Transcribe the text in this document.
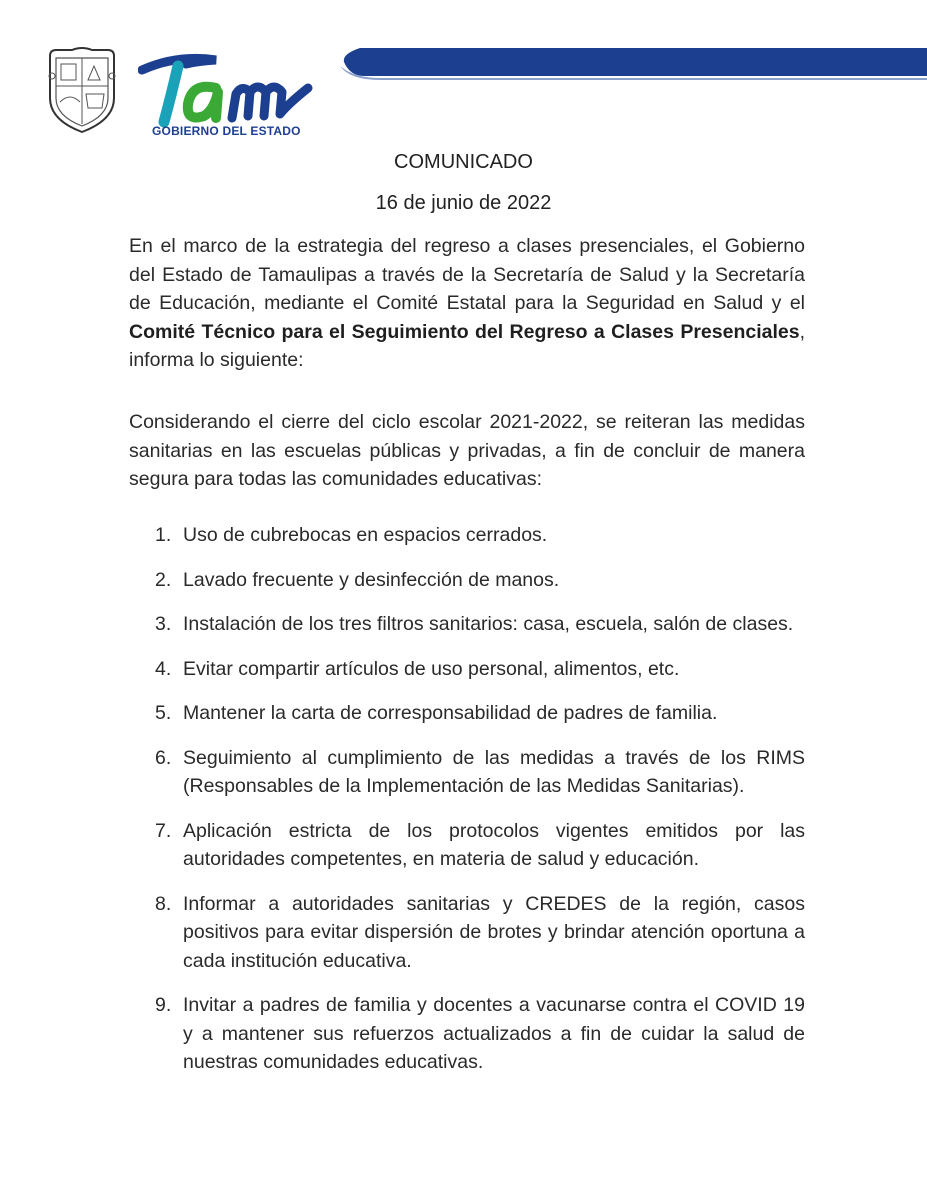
GOBIERNO DEL ESTADO
COMUNICADO
16 de junio de 2022

En el marco de la estrategia del regreso a clases presenciales, el Gobierno del Estado de Tamaulipas a través de la Secretaría de Salud y la Secretaría de Educación, mediante el Comité Estatal para la Seguridad en Salud y el Comité Técnico para el Seguimiento del Regreso a Clases Presenciales, informa lo siguiente:

Considerando el cierre del ciclo escolar 2021-2022, se reiteran las medidas sanitarias en las escuelas públicas y privadas, a fin de concluir de manera segura para todas las comunidades educativas:

1. Uso de cubrebocas en espacios cerrados.
2. Lavado frecuente y desinfección de manos.
3. Instalación de los tres filtros sanitarios: casa, escuela, salón de clases.
4. Evitar compartir artículos de uso personal, alimentos, etc.
5. Mantener la carta de corresponsabilidad de padres de familia.
6. Seguimiento al cumplimiento de las medidas a través de los RIMS (Responsables de la Implementación de las Medidas Sanitarias).
7. Aplicación estricta de los protocolos vigentes emitidos por las autoridades competentes, en materia de salud y educación.
8. Informar a autoridades sanitarias y CREDES de la región, casos positivos para evitar dispersión de brotes y brindar atención oportuna a cada institución educativa.
9. Invitar a padres de familia y docentes a vacunarse contra el COVID 19 y a mantener sus refuerzos actualizados a fin de cuidar la salud de nuestras comunidades educativas.
